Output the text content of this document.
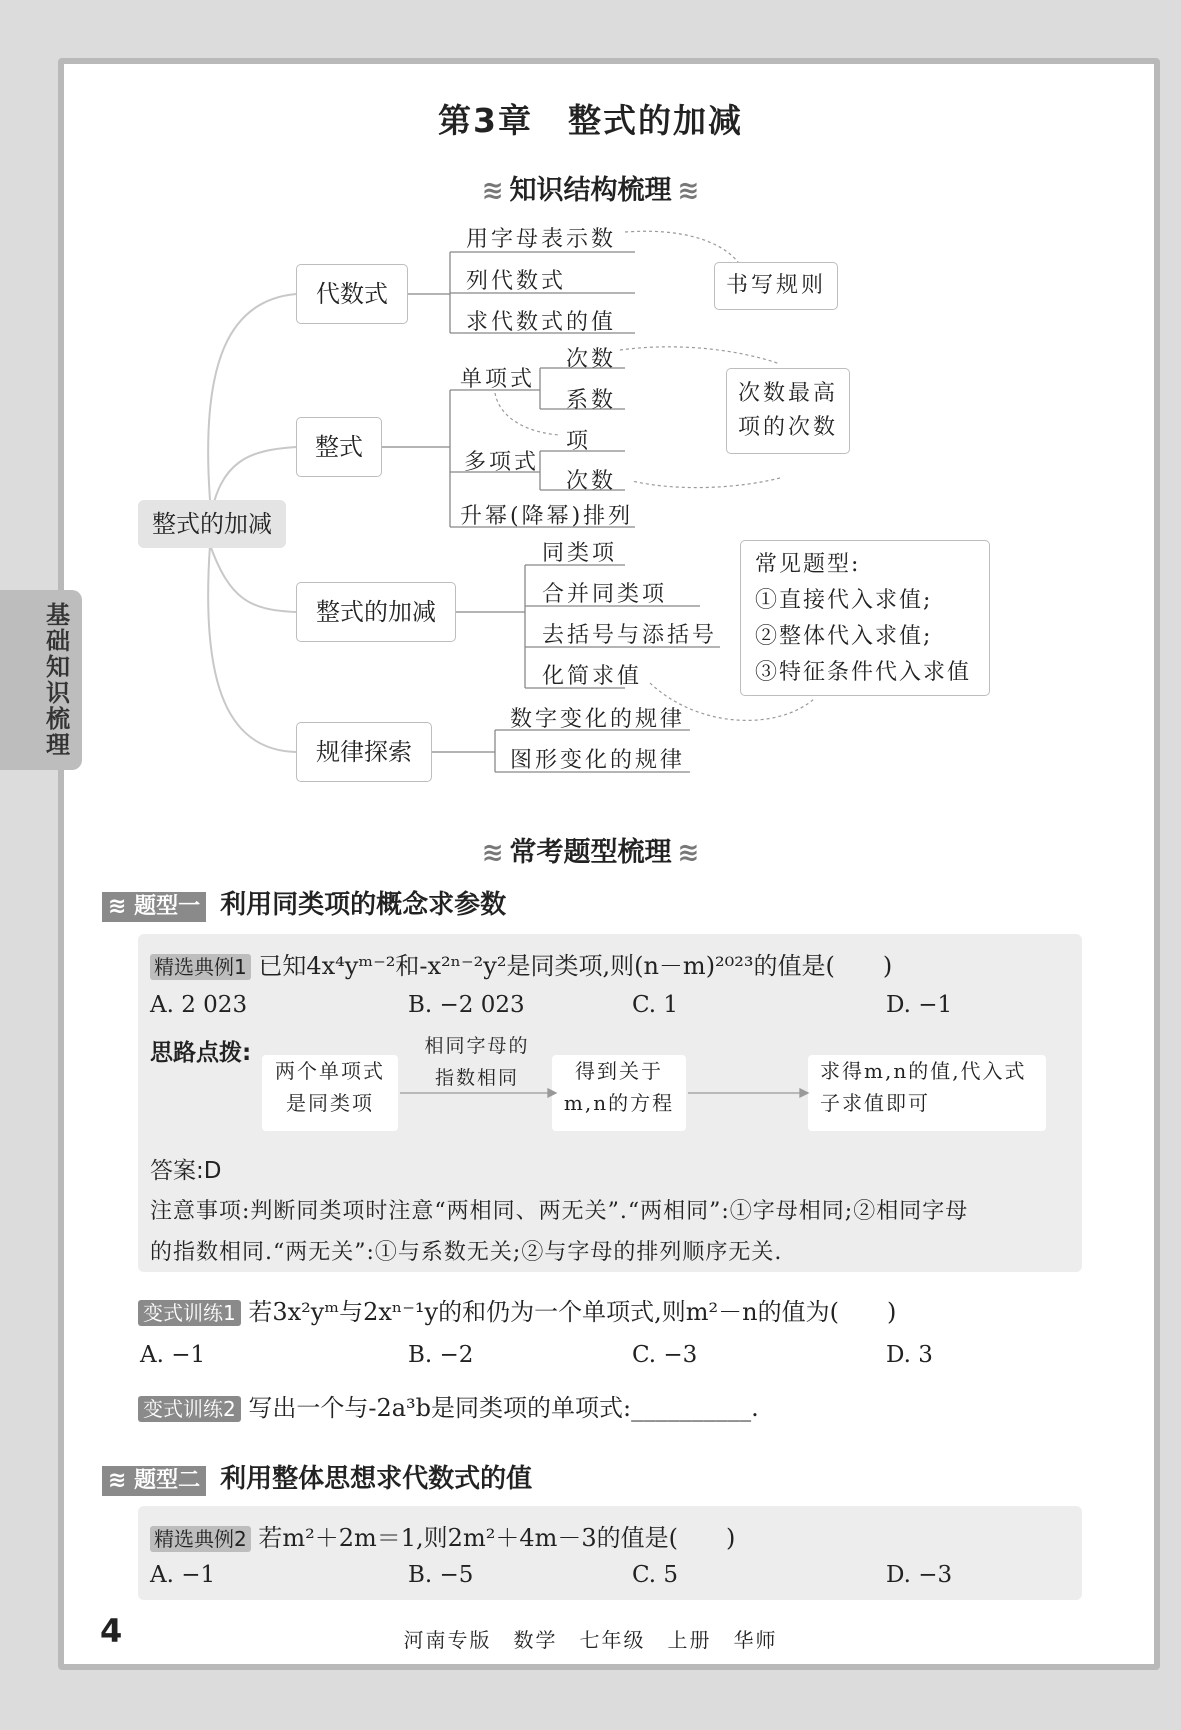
基础知识梳理
第3章　整式的加减
≋ 知识结构梳理 ≋
整式的加减
代数式
用字母表示数
列代数式
求代数式的值
书写规则
整式
单项式
次数
系数
多项式
项
次数
升幂(降幂)排列
次数最高
项的次数
整式的加减
同类项
合并同类项
去括号与添括号
化简求值
常见题型:
①直接代入求值;
②整体代入求值;
③特征条件代入求值
规律探索
数字变化的规律
图形变化的规律
≋ 常考题型梳理 ≋
≋ 题型一 利用同类项的概念求参数
精选典例1 已知4x⁴yᵐ⁻²和-x²ⁿ⁻²y²是同类项,则(n－m)²⁰²³的值是(　　)
A. 2 023	B. −2 023	C. 1	D. −1
思路点拨:
两个单项式
是同类项
相同字母的
指数相同	得到关于
m,n的方程
求得m,n的值,代入式
子求值即可
答案:D
注意事项:判断同类项时注意“两相同、两无关”.“两相同”:①字母相同;②相同字母
的指数相同.“两无关”:①与系数无关;②与字母的排列顺序无关.
变式训练1 若3x²yᵐ与2xⁿ⁻¹y的和仍为一个单项式,则m²－n的值为(　　)
A. −1	B. −2	C. −3	D. 3
变式训练2 写出一个与-2a³b是同类项的单项式:__________.
≋ 题型二 利用整体思想求代数式的值
精选典例2 若m²＋2m＝1,则2m²＋4m－3的值是(　　)
A. −1	B. −5	C. 5	D. −3
4	河南专版　数学　七年级　上册　华师
